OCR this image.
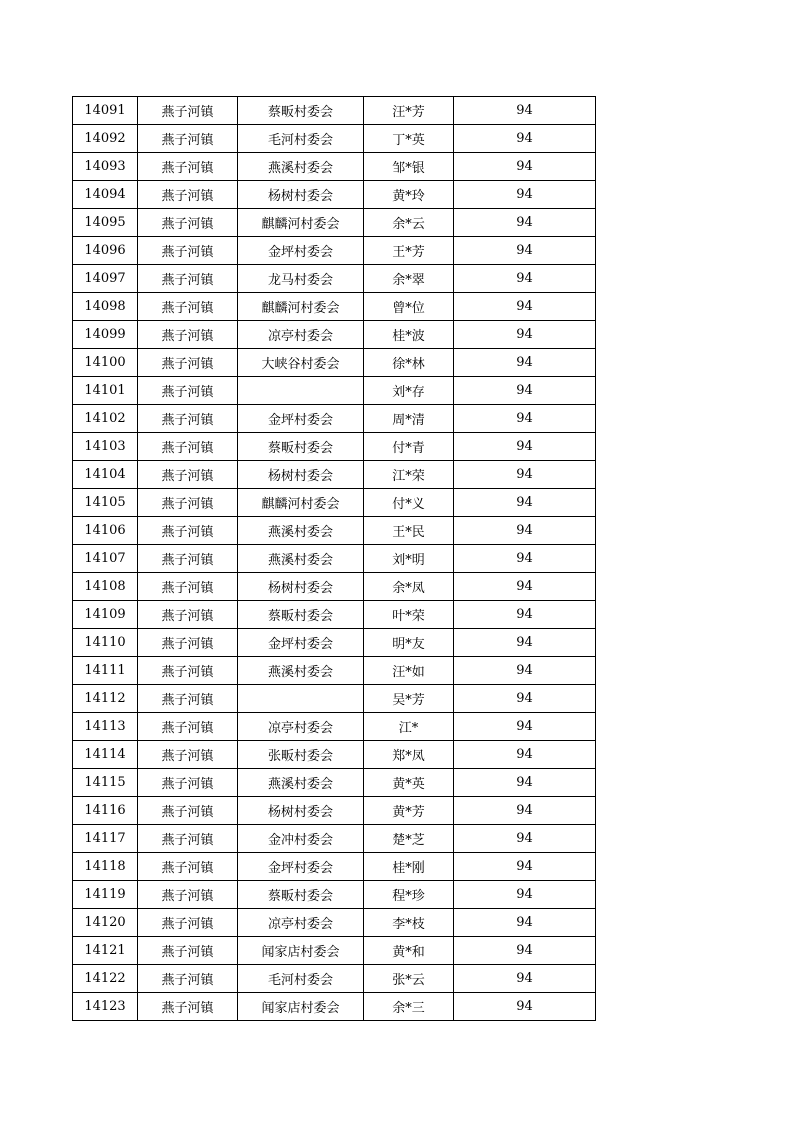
14091	燕子河镇	蔡畈村委会	汪*芳	94
14092	燕子河镇	毛河村委会	丁*英	94
14093	燕子河镇	燕溪村委会	邹*银	94
14094	燕子河镇	杨树村委会	黄*玲	94
14095	燕子河镇	麒麟河村委会	余*云	94
14096	燕子河镇	金坪村委会	王*芳	94
14097	燕子河镇	龙马村委会	余*翠	94
14098	燕子河镇	麒麟河村委会	曾*位	94
14099	燕子河镇	凉亭村委会	桂*波	94
14100	燕子河镇	大峡谷村委会	徐*林	94
14101	燕子河镇		刘*存	94
14102	燕子河镇	金坪村委会	周*清	94
14103	燕子河镇	蔡畈村委会	付*青	94
14104	燕子河镇	杨树村委会	江*荣	94
14105	燕子河镇	麒麟河村委会	付*义	94
14106	燕子河镇	燕溪村委会	王*民	94
14107	燕子河镇	燕溪村委会	刘*明	94
14108	燕子河镇	杨树村委会	余*凤	94
14109	燕子河镇	蔡畈村委会	叶*荣	94
14110	燕子河镇	金坪村委会	明*友	94
14111	燕子河镇	燕溪村委会	汪*如	94
14112	燕子河镇		吴*芳	94
14113	燕子河镇	凉亭村委会	江*	94
14114	燕子河镇	张畈村委会	郑*凤	94
14115	燕子河镇	燕溪村委会	黄*英	94
14116	燕子河镇	杨树村委会	黄*芳	94
14117	燕子河镇	金冲村委会	楚*芝	94
14118	燕子河镇	金坪村委会	桂*刚	94
14119	燕子河镇	蔡畈村委会	程*珍	94
14120	燕子河镇	凉亭村委会	李*枝	94
14121	燕子河镇	闻家店村委会	黄*和	94
14122	燕子河镇	毛河村委会	张*云	94
14123	燕子河镇	闻家店村委会	余*三	94
